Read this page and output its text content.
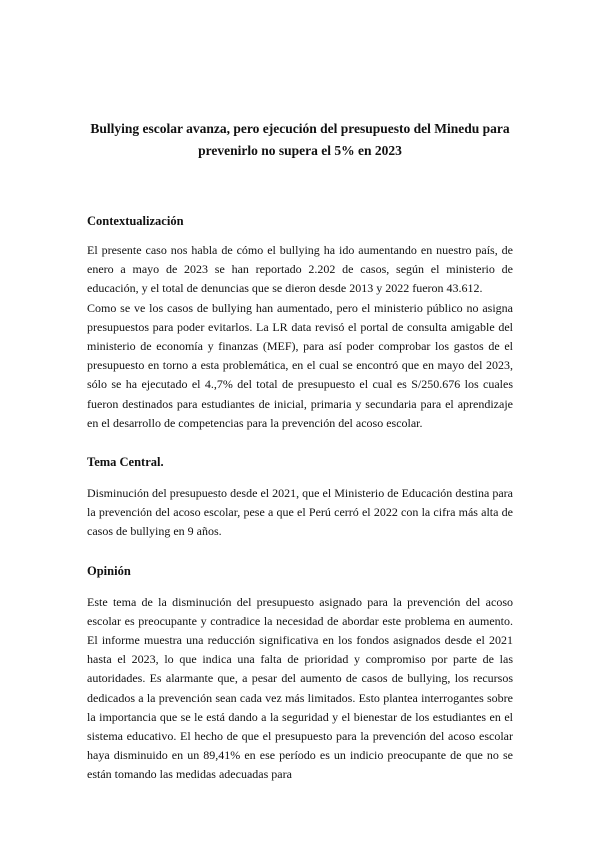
Bullying escolar avanza, pero ejecución del presupuesto del Minedu para prevenirlo no supera el 5% en 2023
Contextualización

El presente caso nos habla de cómo el bullying ha ido aumentando en nuestro país, de enero a mayo de 2023 se han reportado 2.202 de casos, según el ministerio de educación, y el total de denuncias que se dieron desde 2013 y 2022 fueron 43.612.

Como se ve los casos de bullying han aumentado, pero el ministerio público no asigna presupuestos para poder evitarlos. La LR data revisó el portal de consulta amigable del ministerio de economía y finanzas (MEF), para así poder comprobar los gastos de el presupuesto en torno a esta problemática, en el cual se encontró que en mayo del 2023, sólo se ha ejecutado el 4.,7% del total de presupuesto el cual es S/250.676 los cuales fueron destinados para estudiantes de inicial, primaria y secundaria para el aprendizaje en el desarrollo de competencias para la prevención del acoso escolar.

Tema Central.

Disminución del presupuesto desde el 2021, que el Ministerio de Educación destina para la prevención del acoso escolar, pese a que el Perú cerró el 2022 con la cifra más alta de casos de bullying en 9 años.

Opinión

Este tema de la disminución del presupuesto asignado para la prevención del acoso escolar es preocupante y contradice la necesidad de abordar este problema en aumento. El informe muestra una reducción significativa en los fondos asignados desde el 2021 hasta el 2023, lo que indica una falta de prioridad y compromiso por parte de las autoridades. Es alarmante que, a pesar del aumento de casos de bullying, los recursos dedicados a la prevención sean cada vez más limitados. Esto plantea interrogantes sobre la importancia que se le está dando a la seguridad y el bienestar de los estudiantes en el sistema educativo. El hecho de que el presupuesto para la prevención del acoso escolar haya disminuido en un 89,41% en ese período es un indicio preocupante de que no se están tomando las medidas adecuadas para
